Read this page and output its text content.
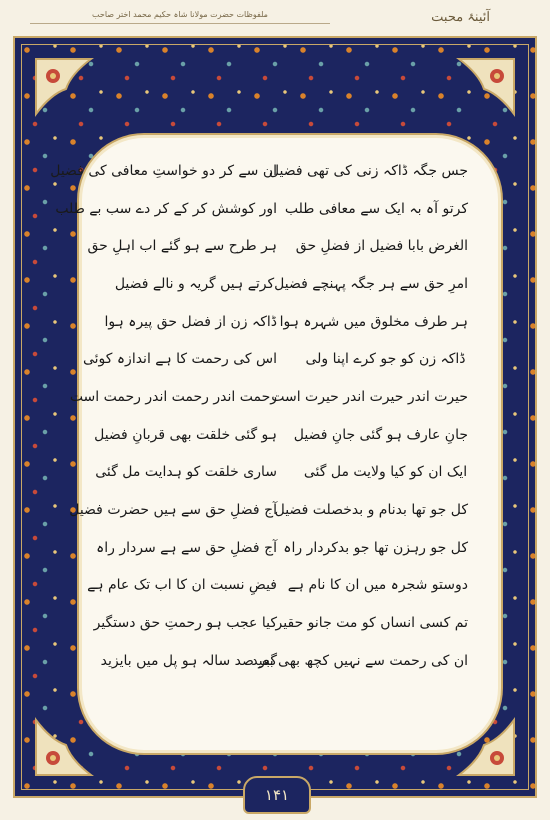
ملفوظات حضرت مولانا شاہ حکیم محمد اختر صاحب	آئینۂ محبت
جس جگہ ڈاکہ زنی کی تھی فضیل
ان سے کر دو خواستِ معافی کی فضیل
کرتو آہ بہ ایک سے معافی طلب
اور کوشش کر کے کر دے سب بے طلب
الغرض بابا فضیل از فضلِ حق
ہر طرح سے ہو گئے اب اہلِ حق
امرِ حق سے ہر جگہ پہنچے فضیل
کرتے ہیں گریہ و نالے فضیل
ہر طرف مخلوق میں شہرہ ہوا
ڈاکہ زن از فضل حق پیرہ ہوا
ڈاکہ زن کو جو کرے اپنا ولی
اس کی رحمت کا ہے اندازہ کوئی
حیرت اندر حیرت اندر حیرت است
رحمت اندر رحمت اندر رحمت است
جانِ عارف ہو گئی جانِ فضیل
ہو گئی خلقت بھی قربانِ فضیل
ایک ان کو کیا ولایت مل گئی
ساری خلقت کو ہدایت مل گئی
کل جو تھا بدنام و بدخصلت فضیل
آج فضلِ حق سے ہیں حضرت فضیل
کل جو رہزن تھا جو بدکردار راہ
آج فضلِ حق سے ہے سردار راہ
دوستو شجرہ میں ان کا نام ہے
فیضِ نسبت ان کا اب تک عام ہے
تم کسی انساں کو مت جانو حقیر
کیا عجب ہو رحمتِ حق دستگیر
ان کی رحمت سے نہیں کچھ بھی بعید
گبر صد سالہ ہو پل میں بایزید
۱۴۱
